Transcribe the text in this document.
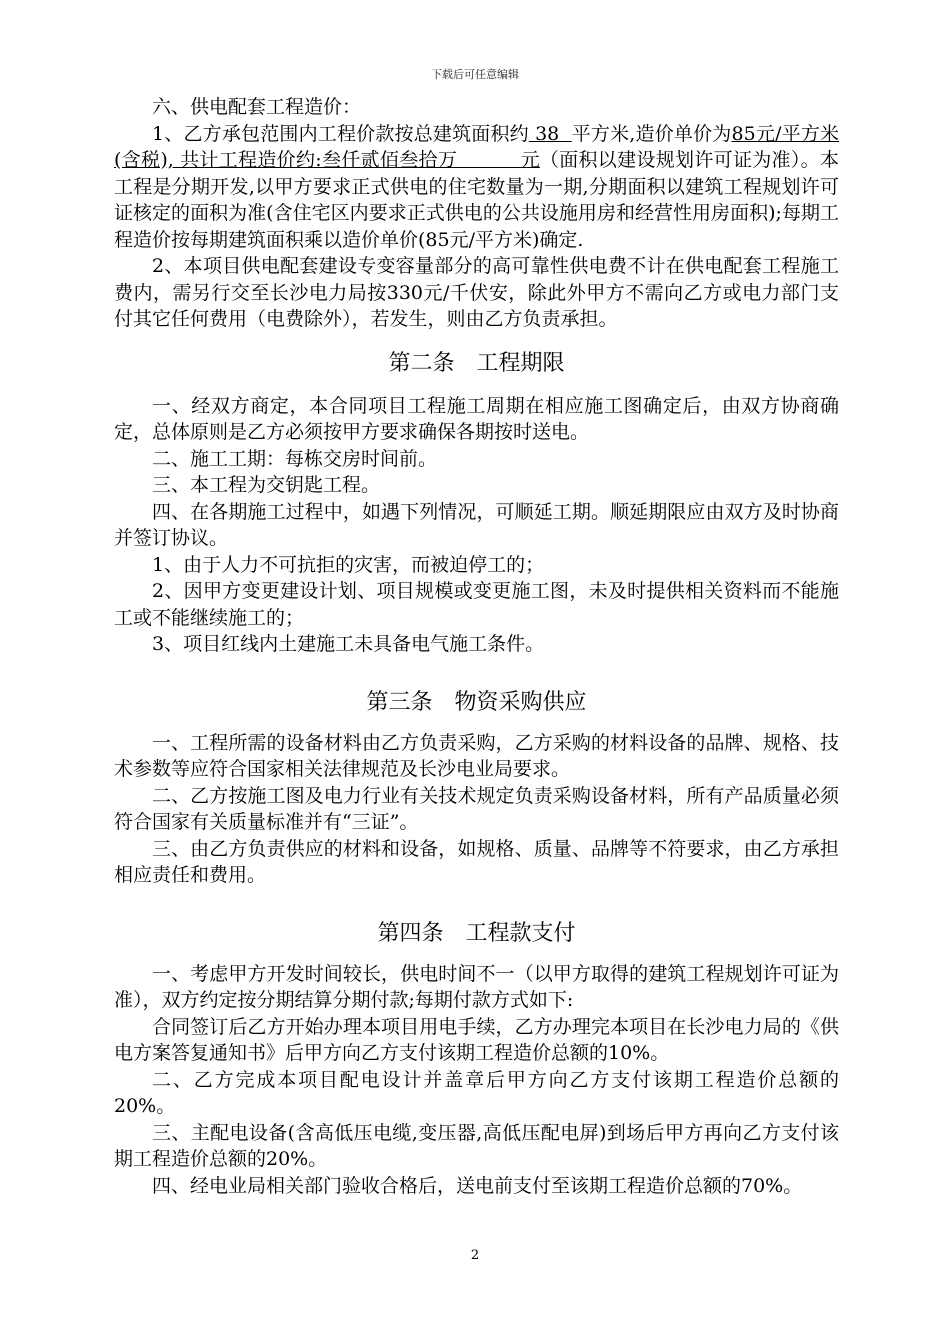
下载后可任意编辑

六、供电配套工程造价：

1、乙方承包范围内工程价款按总建筑面积约 38  平方米,造价单价为85元/平方米(含税), 共计工程造价约:叁仟贰佰叁拾万          元（面积以建设规划许可证为准）。本工程是分期开发,以甲方要求正式供电的住宅数量为一期,分期面积以建筑工程规划许可证核定的面积为准(含住宅区内要求正式供电的公共设施用房和经营性用房面积);每期工程造价按每期建筑面积乘以造价单价(85元/平方米)确定.

2、本项目供电配套建设专变容量部分的高可靠性供电费不计在供电配套工程施工费内，需另行交至长沙电力局按330元/千伏安，除此外甲方不需向乙方或电力部门支付其它任何费用（电费除外），若发生，则由乙方负责承担。

第二条　工程期限

一、经双方商定，本合同项目工程施工周期在相应施工图确定后，由双方协商确定，总体原则是乙方必须按甲方要求确保各期按时送电。

二、施工工期：每栋交房时间前。

三、本工程为交钥匙工程。

四、在各期施工过程中，如遇下列情况，可顺延工期。顺延期限应由双方及时协商并签订协议。

1、由于人力不可抗拒的灾害，而被迫停工的；

2、因甲方变更建设计划、项目规模或变更施工图，未及时提供相关资料而不能施工或不能继续施工的；

3、项目红线内土建施工未具备电气施工条件。

第三条　物资采购供应

一、工程所需的设备材料由乙方负责采购，乙方采购的材料设备的品牌、规格、技术参数等应符合国家相关法律规范及长沙电业局要求。

二、乙方按施工图及电力行业有关技术规定负责采购设备材料，所有产品质量必须符合国家有关质量标准并有“三证”。

三、由乙方负责供应的材料和设备，如规格、质量、品牌等不符要求，由乙方承担相应责任和费用。

第四条　工程款支付

一、考虑甲方开发时间较长，供电时间不一（以甲方取得的建筑工程规划许可证为准），双方约定按分期结算分期付款;每期付款方式如下:

合同签订后乙方开始办理本项目用电手续，乙方办理完本项目在长沙电力局的《供电方案答复通知书》后甲方向乙方支付该期工程造价总额的10%。

二、乙方完成本项目配电设计并盖章后甲方向乙方支付该期工程造价总额的20%。

三、主配电设备(含高低压电缆,变压器,高低压配电屏)到场后甲方再向乙方支付该期工程造价总额的20%。

四、经电业局相关部门验收合格后，送电前支付至该期工程造价总额的70%。

2
